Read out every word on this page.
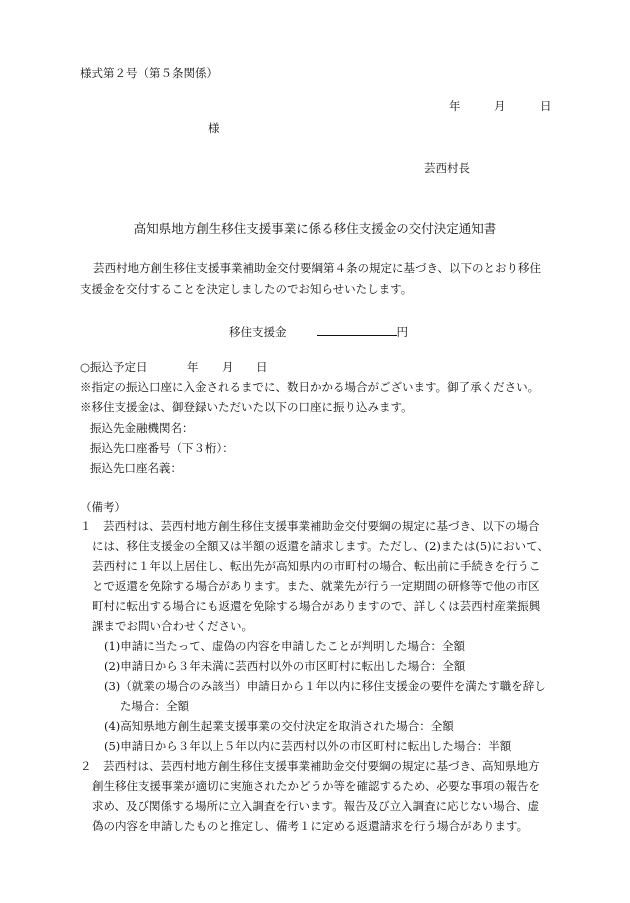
様式第２号（第５条関係）
年	月	日
様
芸西村長
高知県地方創生移住支援事業に係る移住支援金の交付決定通知書
芸西村地方創生移住支援事業補助金交付要綱第４条の規定に基づき、以下のとおり移住
支援金を交付することを決定しましたのでお知らせいたします。
移住支援金	円
○振込予定日	年 月 日
※指定の振込口座に入金されるまでに、数日かかる場合がございます。御了承ください。
※移住支援金は、御登録いただいた以下の口座に振り込みます。
振込先金融機関名：
振込先口座番号（下３桁）：
振込先口座名義：
（備考）
１　芸西村は、芸西村地方創生移住支援事業補助金交付要綱の規定に基づき、以下の場合
には、移住支援金の全額又は半額の返還を請求します。ただし、(2)または(5)において、
芸西村に１年以上居住し、転出先が高知県内の市町村の場合、転出前に手続きを行うこ
とで返還を免除する場合があります。また、就業先が行う一定期間の研修等で他の市区
町村に転出する場合にも返還を免除する場合がありますので、詳しくは芸西村産業振興
課までお問い合わせください。
(1)申請に当たって、虚偽の内容を申請したことが判明した場合：全額
(2)申請日から３年未満に芸西村以外の市区町村に転出した場合：全額
(3)（就業の場合のみ該当）申請日から１年以内に移住支援金の要件を満たす職を辞し
た場合：全額
(4)高知県地方創生起業支援事業の交付決定を取消された場合：全額
(5)申請日から３年以上５年以内に芸西村以外の市区町村に転出した場合：半額
２　芸西村は、芸西村地方創生移住支援事業補助金交付要綱の規定に基づき、高知県地方
創生移住支援事業が適切に実施されたかどうか等を確認するため、必要な事項の報告を
求め、及び関係する場所に立入調査を行います。報告及び立入調査に応じない場合、虚
偽の内容を申請したものと推定し、備考１に定める返還請求を行う場合があります。
